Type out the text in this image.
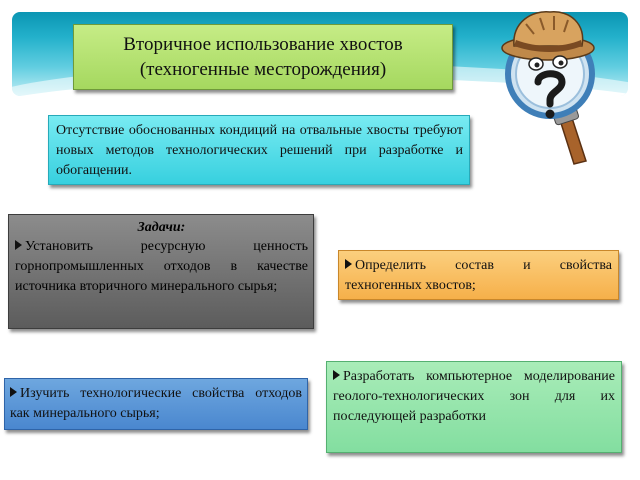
Вторичное использование хвостов
(техногенные месторождения)
Отсутствие обоснованных кондиций на отвальные хвосты требуют новых методов технологических решений при разработке и обогащении.
Задачи:
Установить ресурсную ценность горнопромышленных отходов в качестве источника вторичного минерального сырья;
Определить состав и свойства техногенных хвостов;
Разработать компьютерное моделирование геолого-технологических зон для их последующей разработки
Изучить технологические свойства отходов как минерального сырья;
